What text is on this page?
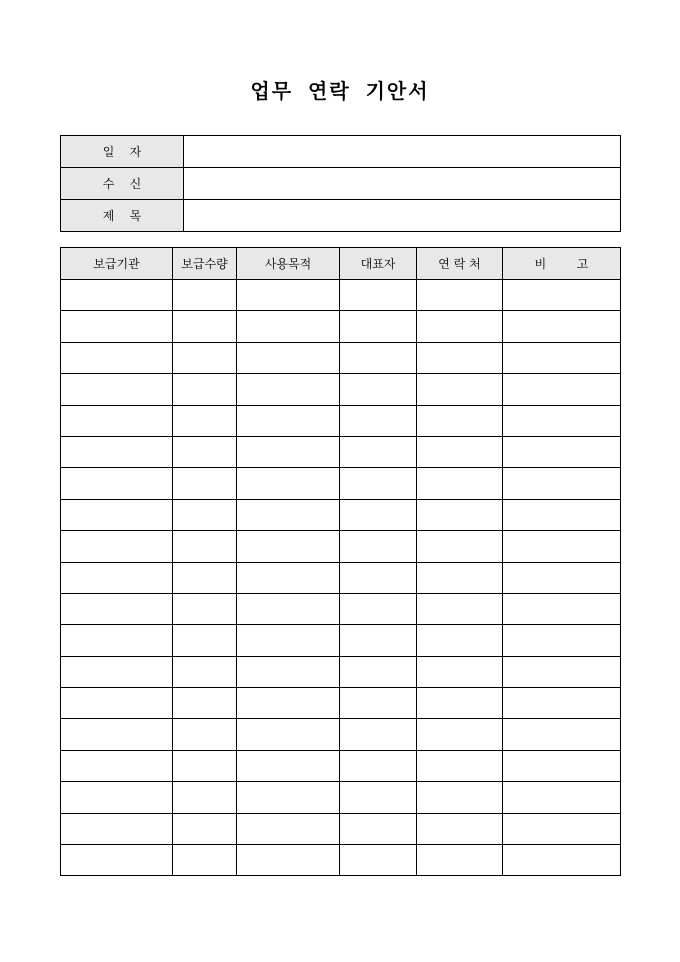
업무 연락 기안서
일    자	
수    신	
제    목	
보급기관	보급수량	사용목적	대표자	연 락 처	비        고
